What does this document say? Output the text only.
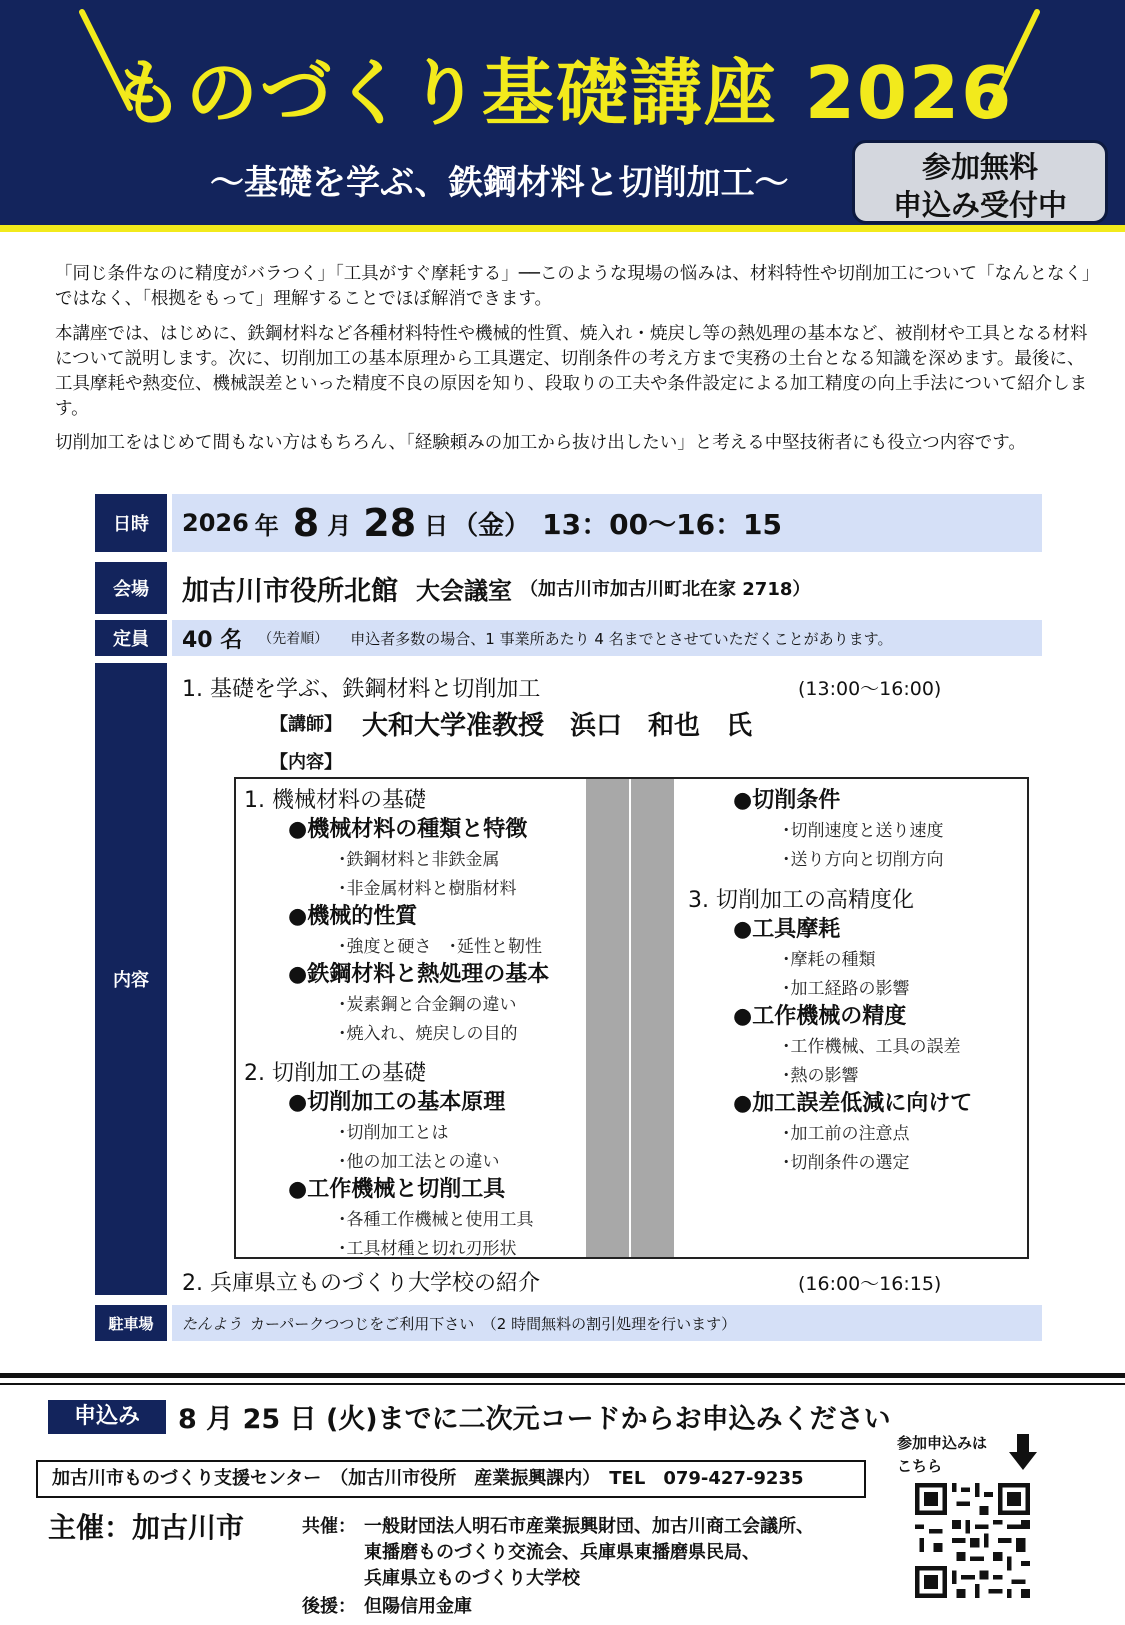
ものづくり基礎講座 2026
～基礎を学ぶ、鉄鋼材料と切削加工～	参加無料
申込み受付中
「同じ条件なのに精度がバラつく」「工具がすぐ摩耗する」──このような現場の悩みは、材料特性や切削加工について「なんとなく」ではなく、「根拠をもって」理解することでほぼ解消できます。
本講座では、はじめに、鉄鋼材料など各種材料特性や機械的性質、焼入れ・焼戻し等の熱処理の基本など、被削材や工具となる材料について説明します。次に、切削加工の基本原理から工具選定、切削条件の考え方まで実務の土台となる知識を深めます。最後に、工具摩耗や熱変位、機械誤差といった精度不良の原因を知り、段取りの工夫や条件設定による加工精度の向上手法について紹介します。
切削加工をはじめて間もない方はもちろん、「経験頼みの加工から抜け出したい」と考える中堅技術者にも役立つ内容です。
日時	2026 年 8 月 28 日 （金） 13：00～16：15
会場	加古川市役所北館 大会議室 （加古川市加古川町北在家 2718）
定員	40 名 （先着順） 申込者多数の場合、1 事業所あたり 4 名までとさせていただくことがあります。
内容
1. 基礎を学ぶ、鉄鋼材料と切削加工	(13:00～16:00)
【講師】 大和大学准教授　浜口　和也　氏
【内容】
1. 機械材料の基礎
●機械材料の種類と特徴
･鉄鋼材料と非鉄金属
･非金属材料と樹脂材料
●機械的性質
･強度と硬さ　･延性と靭性
●鉄鋼材料と熱処理の基本
･炭素鋼と合金鋼の違い
･焼入れ、焼戻しの目的
2. 切削加工の基礎
●切削加工の基本原理
･切削加工とは
･他の加工法との違い
●工作機械と切削工具
･各種工作機械と使用工具
･工具材種と切れ刃形状
●切削条件
･切削速度と送り速度
･送り方向と切削方向
3. 切削加工の高精度化
●工具摩耗
･摩耗の種類
･加工経路の影響
●工作機械の精度
･工作機械、工具の誤差
･熱の影響
●加工誤差低減に向けて
･加工前の注意点
･切削条件の選定
2. 兵庫県立ものづくり大学校の紹介	(16:00～16:15)
駐車場	たんよう カーパークつつじをご利用下さい　（2 時間無料の割引処理を行います）
申込み	8 月 25 日 (火)までに二次元コードからお申込みください
参加申込みは
こちら
加古川市ものづくり支援センター　（加古川市役所　産業振興課内）　TEL　079-427-9235
主催：加古川市	共催： 一般財団法人明石市産業振興財団、加古川商工会議所、
東播磨ものづくり交流会、兵庫県東播磨県民局、
兵庫県立ものづくり大学校
後援： 但陽信用金庫
